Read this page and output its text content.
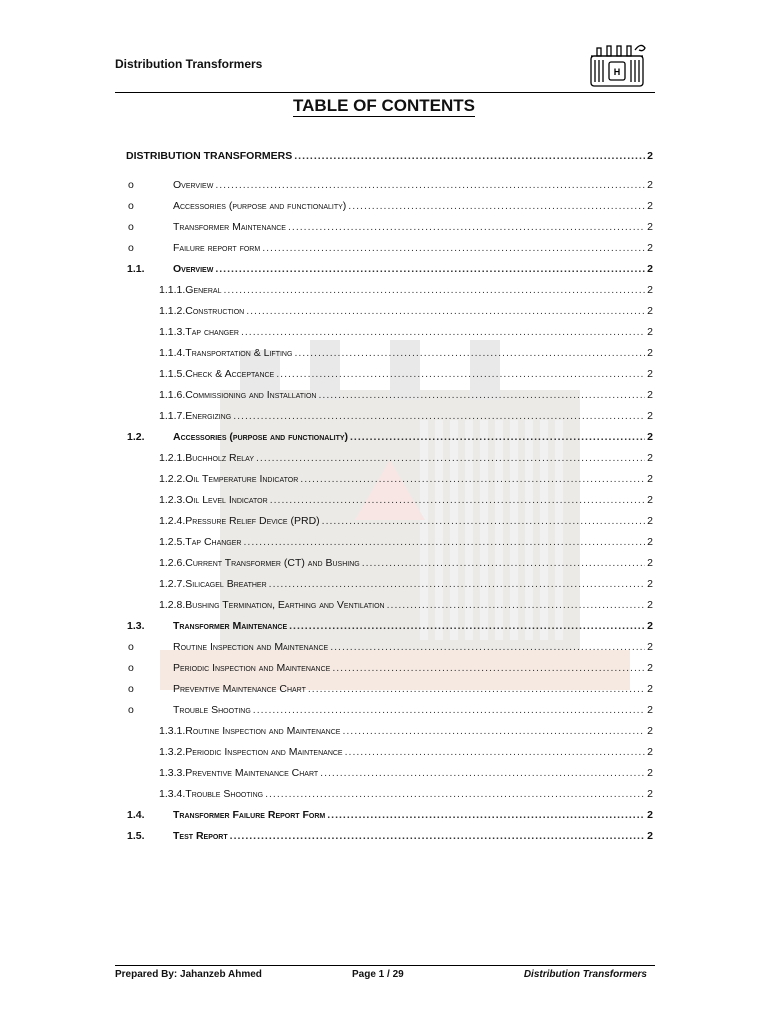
Distribution Transformers
H
TABLE OF CONTENTS
DISTRIBUTION TRANSFORMERS .....	2
o	Overview .....	2
o	Accessories (purpose and functionality) .....	2
o	Transformer Maintenance .....	2
o	Failure report form .....	2
1.1.	Overview .....	2
1.1.1. General .....	2
1.1.2. Construction .....	2
1.1.3. Tap changer .....	2
1.1.4. Transportation & Lifting .....	2
1.1.5. Check & Acceptance .....	2
1.1.6. Commissioning and Installation .....	2
1.1.7. Energizing .....	2
1.2.	Accessories (purpose and functionality) .....	2
1.2.1. Buchholz Relay .....	2
1.2.2. Oil Temperature Indicator .....	2
1.2.3. Oil Level Indicator .....	2
1.2.4. Pressure Relief Device (PRD) .....	2
1.2.5. Tap Changer .....	2
1.2.6. Current Transformer (CT) and Bushing .....	2
1.2.7. Silicagel Breather .....	2
1.2.8. Bushing Termination, Earthing and Ventilation .....	2
1.3.	Transformer Maintenance .....	2
o	Routine Inspection and Maintenance .....	2
o	Periodic Inspection and Maintenance .....	2
o	Preventive Maintenance Chart .....	2
o	Trouble Shooting .....	2
1.3.1. Routine Inspection and Maintenance .....	2
1.3.2. Periodic Inspection and Maintenance .....	2
1.3.3. Preventive Maintenance Chart .....	2
1.3.4. Trouble Shooting .....	2
1.4.	Transformer Failure Report Form .....	2
1.5.	Test Report .....	2
Prepared By: Jahanzeb Ahmed	Page 1 / 29	Distribution Transformers
